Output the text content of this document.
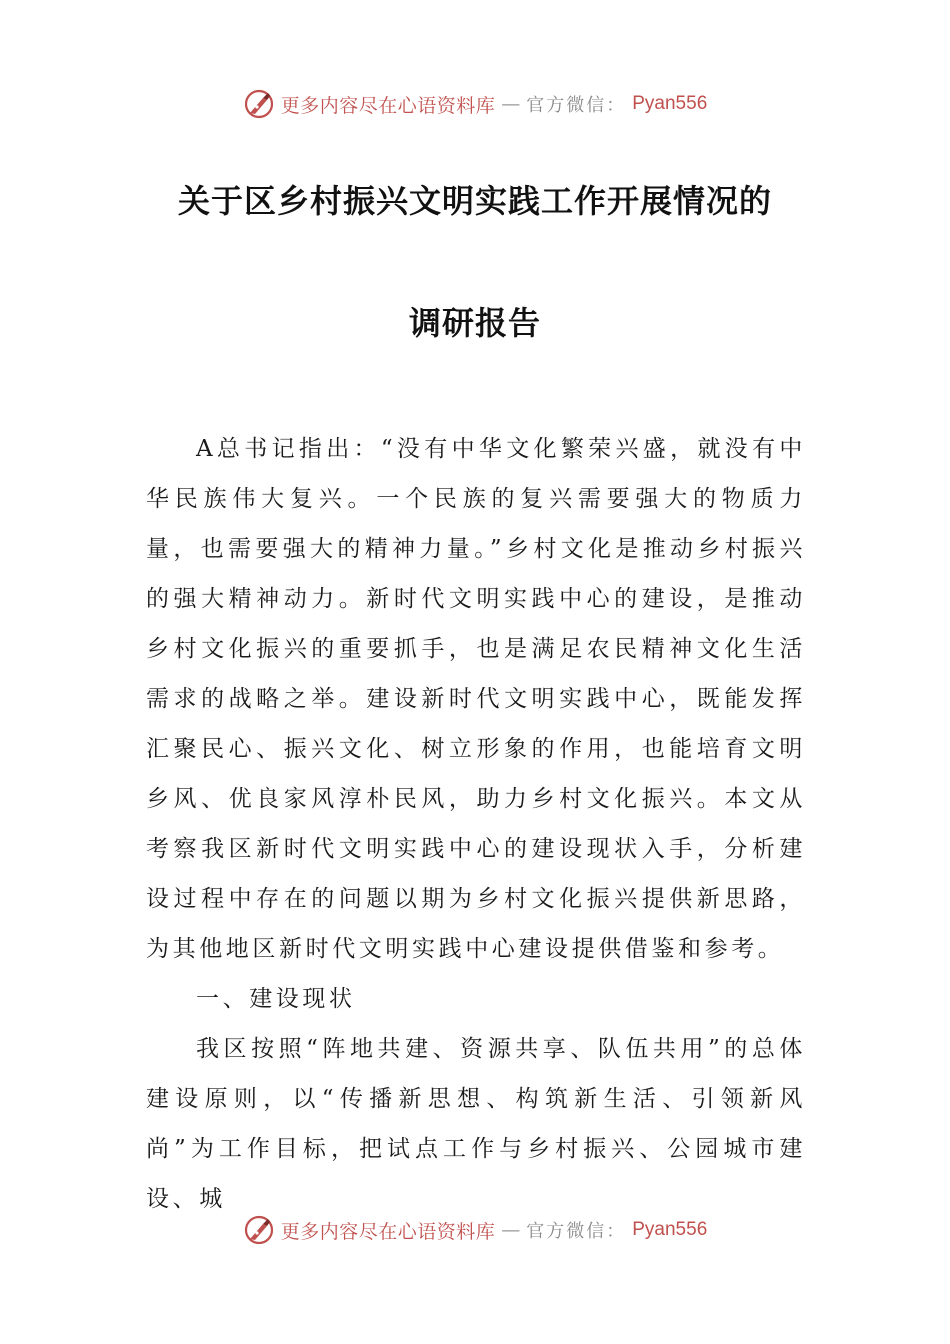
更多内容尽在心语资料库 — 官方微信： Pyan556
关于区乡村振兴文明实践工作开展情况的
调研报告

A总书记指出：“没有中华文化繁荣兴盛，就没有中华民族伟大复兴。一个民族的复兴需要强大的物质力量，也需要强大的精神力量。”乡村文化是推动乡村振兴的强大精神动力。新时代文明实践中心的建设，是推动乡村文化振兴的重要抓手，也是满足农民精神文化生活需求的战略之举。建设新时代文明实践中心，既能发挥汇聚民心、振兴文化、树立形象的作用，也能培育文明乡风、优良家风淳朴民风，助力乡村文化振兴。本文从考察我区新时代文明实践中心的建设现状入手，分析建设过程中存在的问题以期为乡村文化振兴提供新思路，为其他地区新时代文明实践中心建设提供借鉴和参考。

一、建设现状

我区按照“阵地共建、资源共享、队伍共用”的总体建设原则，以“传播新思想、构筑新生活、引领新风尚”为工作目标，把试点工作与乡村振兴、公园城市建设、城

更多内容尽在心语资料库 — 官方微信： Pyan556
